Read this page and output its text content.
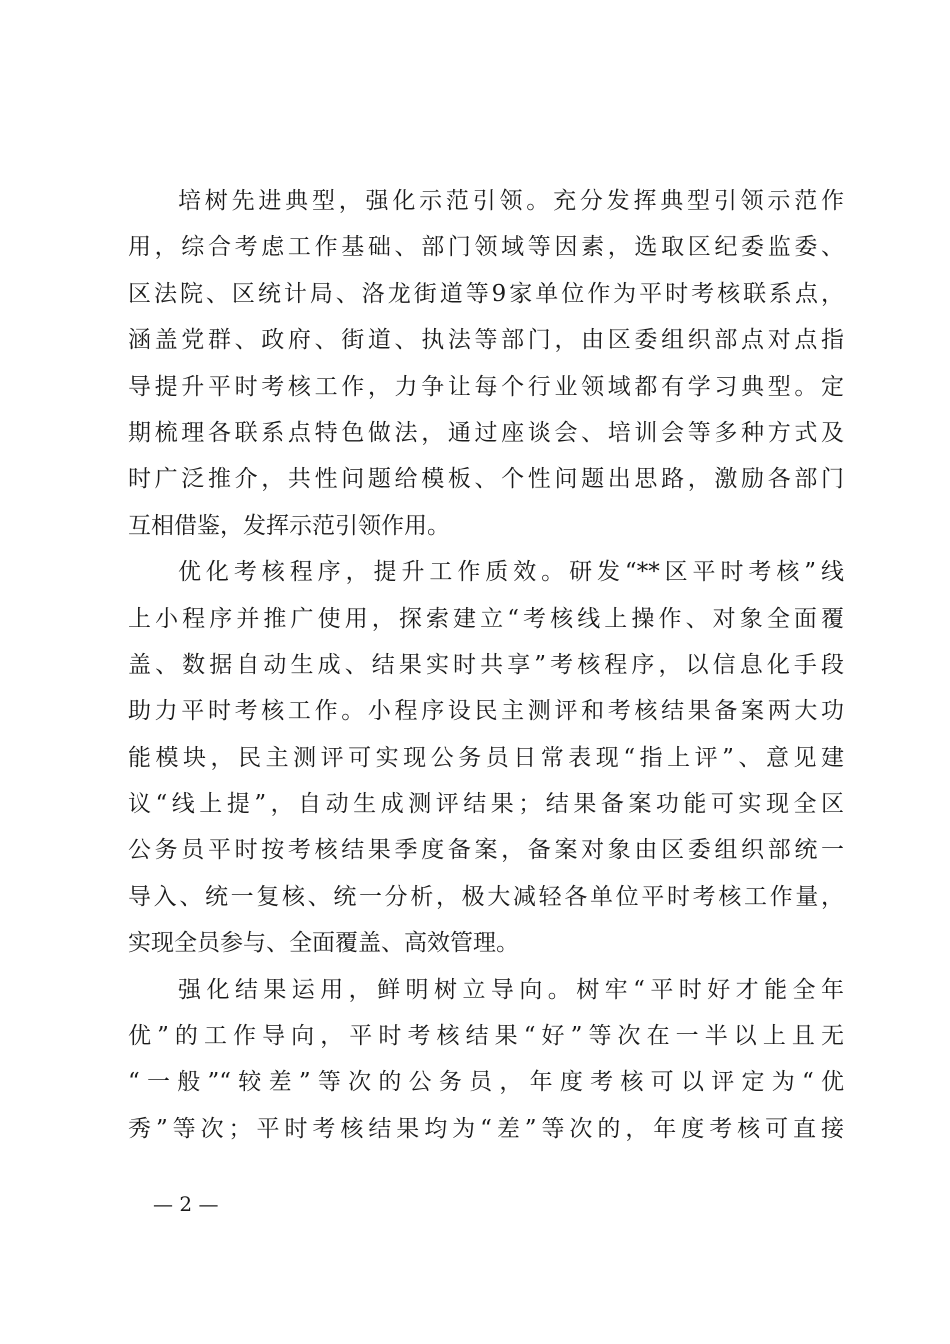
培树先进典型，强化示范引领。充分发挥典型引领示范作
用，综合考虑工作基础、部门领域等因素，选取区纪委监委、
区法院、区统计局、洛龙街道等9家单位作为平时考核联系点，
涵盖党群、政府、街道、执法等部门，由区委组织部点对点指
导提升平时考核工作，力争让每个行业领域都有学习典型。定
期梳理各联系点特色做法，通过座谈会、培训会等多种方式及
时广泛推介，共性问题给模板、个性问题出思路，激励各部门
互相借鉴，发挥示范引领作用。
优化考核程序，提升工作质效。研发“**区平时考核”线
上小程序并推广使用，探索建立“考核线上操作、对象全面覆
盖、数据自动生成、结果实时共享”考核程序，以信息化手段
助力平时考核工作。小程序设民主测评和考核结果备案两大功
能模块，民主测评可实现公务员日常表现“指上评”、意见建
议“线上提”，自动生成测评结果；结果备案功能可实现全区
公务员平时按考核结果季度备案，备案对象由区委组织部统一
导入、统一复核、统一分析，极大减轻各单位平时考核工作量，
实现全员参与、全面覆盖、高效管理。
强化结果运用，鲜明树立导向。树牢“平时好才能全年
优”的工作导向，平时考核结果“好”等次在一半以上且无
“一般”“较差”等次的公务员，年度考核可以评定为“优
秀”等次；平时考核结果均为“差”等次的，年度考核可直接
— 2 —
